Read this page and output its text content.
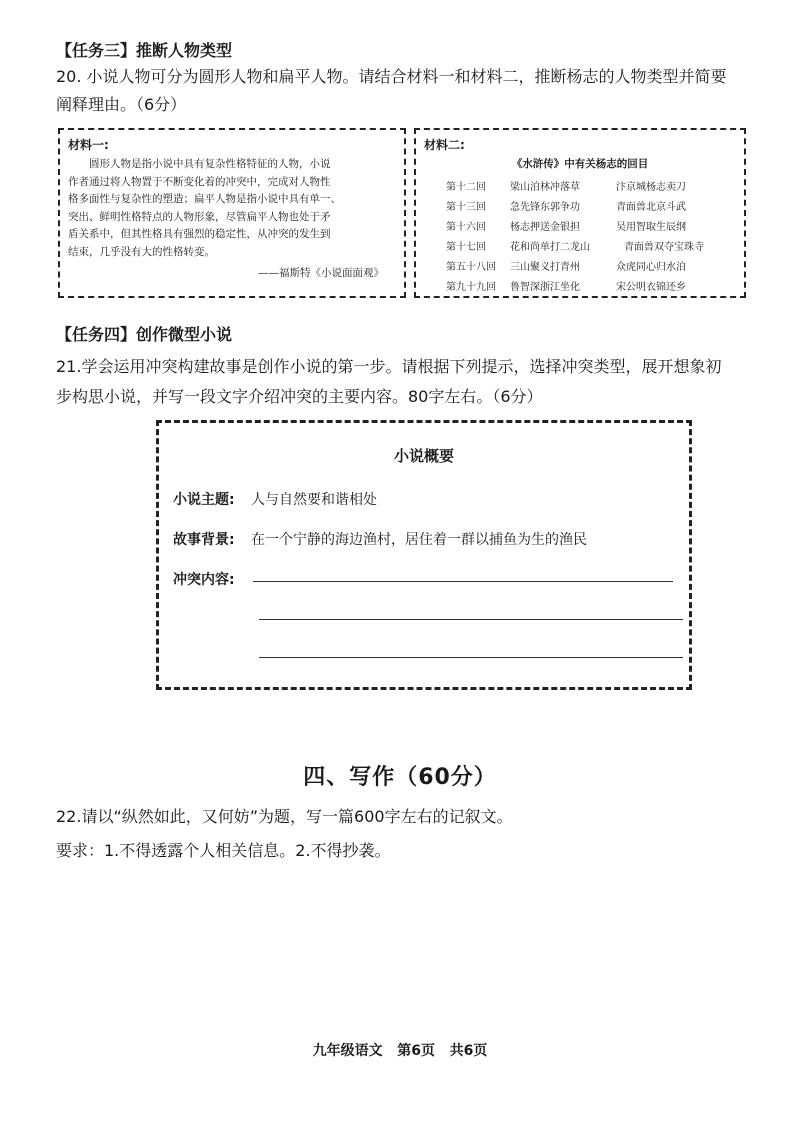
【任务三】推断人物类型
20. 小说人物可分为圆形人物和扁平人物。请结合材料一和材料二，推断杨志的人物类型并简要
阐释理由。（6分）
材料一:
圆形人物是指小说中具有复杂性格特征的人物，小说
作者通过将人物置于不断变化着的冲突中，完成对人物性
格多面性与复杂性的塑造；扁平人物是指小说中具有单一、
突出、鲜明性格特点的人物形象，尽管扁平人物也处于矛
盾关系中，但其性格具有强烈的稳定性，从冲突的发生到
结束，几乎没有大的性格转变。
——福斯特《小说面面观》
材料二:
《水浒传》中有关杨志的回目
第十二回 梁山泊林冲落草	汴京城杨志卖刀
第十三回 急先锋东郭争功	青面兽北京斗武
第十六回 杨志押送金银担	吴用智取生辰纲
第十七回 花和尚单打二龙山	青面兽双夺宝珠寺
第五十八回 三山聚义打青州	众虎同心归水泊
第九十九回 鲁智深浙江坐化	宋公明衣锦还乡
【任务四】创作微型小说
21.学会运用冲突构建故事是创作小说的第一步。请根据下列提示，选择冲突类型，展开想象初
步构思小说，并写一段文字介绍冲突的主要内容。80字左右。（6分）
小说概要
小说主题: 人与自然要和谐相处
故事背景: 在一个宁静的海边渔村，居住着一群以捕鱼为生的渔民
冲突内容:
四、写作（60分）
22.请以“纵然如此，又何妨”为题，写一篇600字左右的记叙文。
要求：1.不得透露个人相关信息。2.不得抄袭。
九年级语文   第6页   共6页
